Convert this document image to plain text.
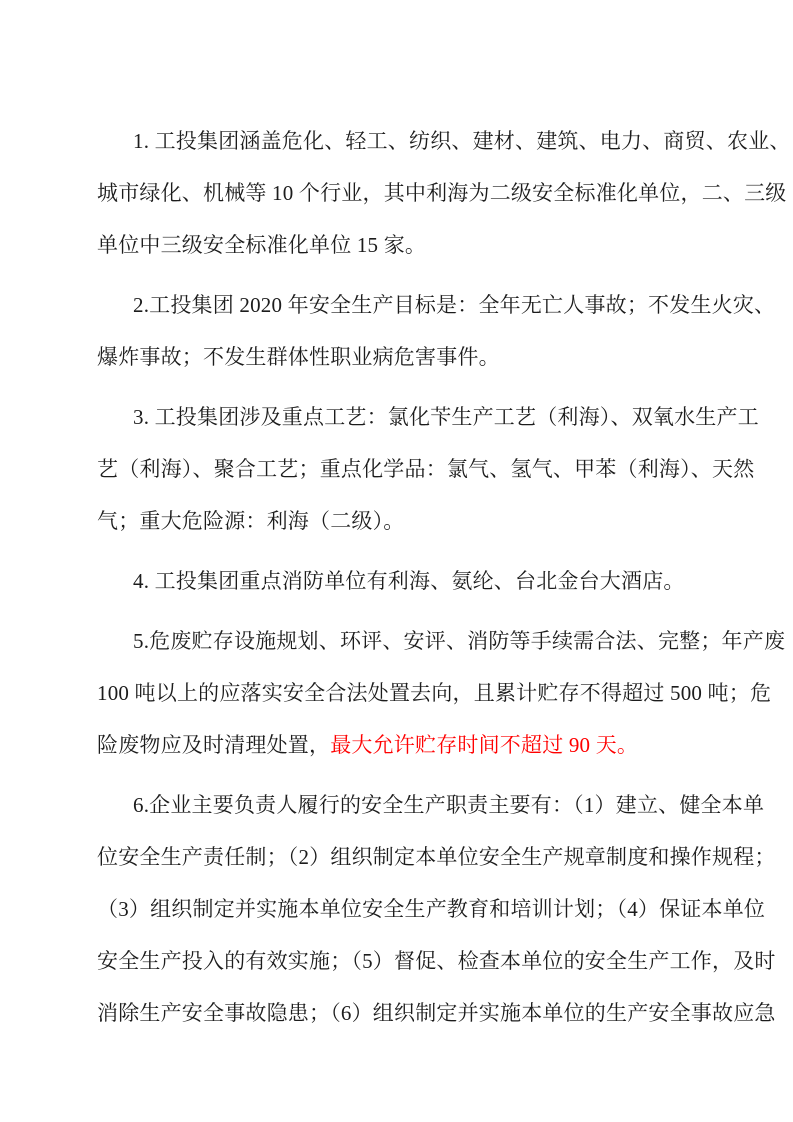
1. 工投集团涵盖危化、轻工、纺织、建材、建筑、电力、商贸、农业、
城市绿化、机械等 10 个行业，其中利海为二级安全标准化单位，二、三级
单位中三级安全标准化单位 15 家。
2.工投集团 2020 年安全生产目标是：全年无亡人事故；不发生火灾、
爆炸事故；不发生群体性职业病危害事件。
3. 工投集团涉及重点工艺：氯化苄生产工艺（利海）、双氧水生产工
艺（利海）、聚合工艺；重点化学品：氯气、氢气、甲苯（利海）、天然
气；重大危险源：利海（二级）。
4. 工投集团重点消防单位有利海、氨纶、台北金台大酒店。
5.危废贮存设施规划、环评、安评、消防等手续需合法、完整；年产废
100 吨以上的应落实安全合法处置去向，且累计贮存不得超过 500 吨；危
险废物应及时清理处置，最大允许贮存时间不超过 90 天。
6.企业主要负责人履行的安全生产职责主要有：（1）建立、健全本单
位安全生产责任制；（2）组织制定本单位安全生产规章制度和操作规程；
（3）组织制定并实施本单位安全生产教育和培训计划；（4）保证本单位
安全生产投入的有效实施；（5）督促、检查本单位的安全生产工作，及时
消除生产安全事故隐患；（6）组织制定并实施本单位的生产安全事故应急
